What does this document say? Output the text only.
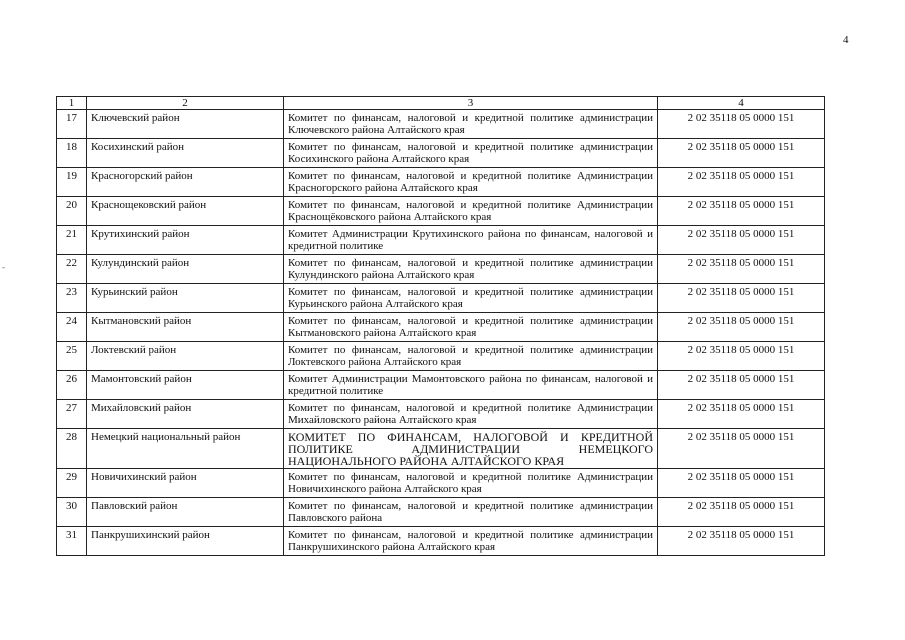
4
-
1	2	3	4
17	Ключевский район	Комитет по финансам, налоговой и кредитной политике администрации Ключевского района Алтайского края	2 02 35118 05 0000 151
18	Косихинский район	Комитет по финансам, налоговой и кредитной политике администрации Косихинского района Алтайского края	2 02 35118 05 0000 151
19	Красногорский район	Комитет по финансам, налоговой и кредитной политике Администрации Красногорского района Алтайского края	2 02 35118 05 0000 151
20	Краснощековский район	Комитет по финансам, налоговой и кредитной политике Администрации Краснощёковского района Алтайского края	2 02 35118 05 0000 151
21	Крутихинский район	Комитет Администрации Крутихинского района по финансам, налоговой и кредитной политике	2 02 35118 05 0000 151
22	Кулундинский район	Комитет по финансам, налоговой и кредитной политике администрации Кулундинского района Алтайского края	2 02 35118 05 0000 151
23	Курьинский район	Комитет по финансам, налоговой и кредитной политике администрации Курьинского района Алтайского края	2 02 35118 05 0000 151
24	Кытмановский район	Комитет по финансам, налоговой и кредитной политике администрации Кытмановского района Алтайского края	2 02 35118 05 0000 151
25	Локтевский район	Комитет по финансам, налоговой и кредитной политике администрации Локтевского района Алтайского края	2 02 35118 05 0000 151
26	Мамонтовский район	Комитет Администрации Мамонтовского района по финансам, налоговой и кредитной политике	2 02 35118 05 0000 151
27	Михайловский район	Комитет по финансам, налоговой и кредитной политике Администрации Михайловского района Алтайского края	2 02 35118 05 0000 151
28	Немецкий национальный район	КОМИТЕТ ПО ФИНАНСАМ, НАЛОГОВОЙ И КРЕДИТНОЙ ПОЛИТИКЕ АДМИНИСТРАЦИИ НЕМЕЦКОГО НАЦИОНАЛЬНОГО РАЙОНА АЛТАЙСКОГО КРАЯ	2 02 35118 05 0000 151
29	Новичихинский район	Комитет по финансам, налоговой и кредитной политике Администрации Новичихинского района Алтайского края	2 02 35118 05 0000 151
30	Павловский район	Комитет по финансам, налоговой и кредитной политике администрации Павловского района	2 02 35118 05 0000 151
31	Панкрушихинский район	Комитет по финансам, налоговой и кредитной политике администрации Панкрушихинского района Алтайского края	2 02 35118 05 0000 151
